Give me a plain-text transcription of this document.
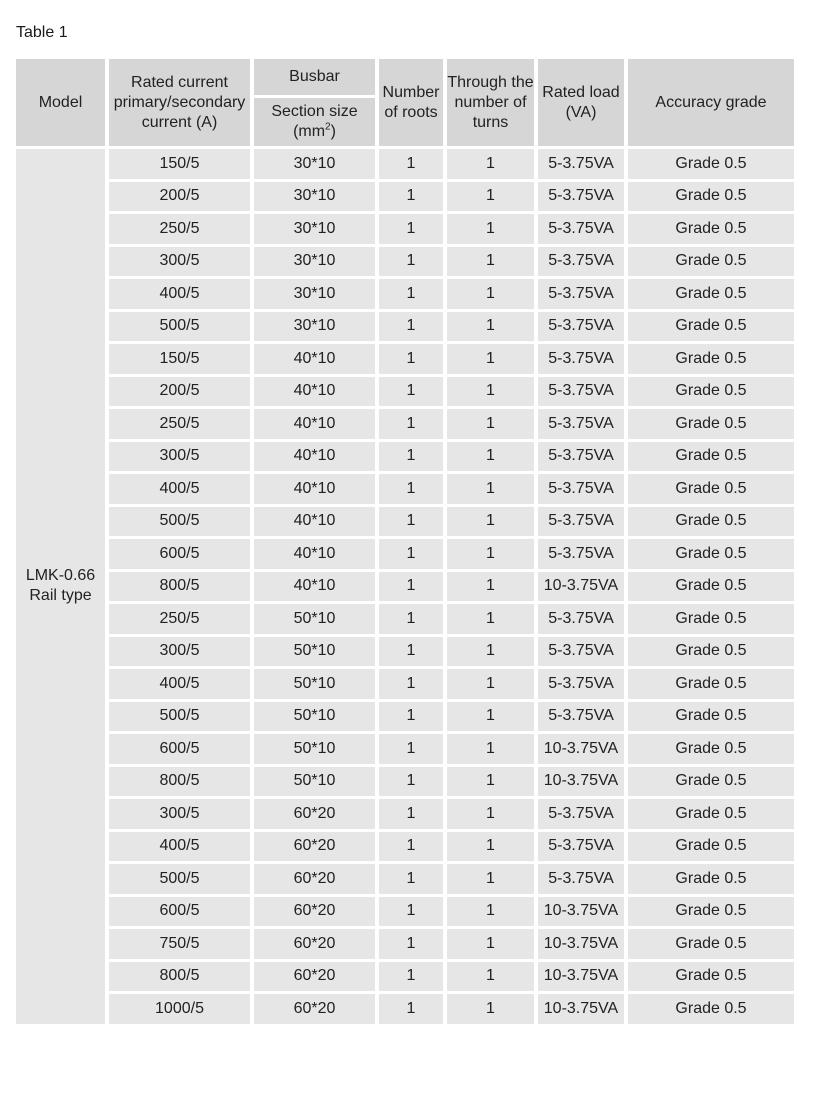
Table 1
Model	Rated current primary/secondary current (A)	Busbar	Number of roots	Through the number of turns	Rated load (VA)	Accuracy grade
		Section size
$(mm^2)$				
LMK-0.66
Rail type	150/5	30*10	1	1	5-3.75VA	Grade 0.5
	200/5	30*10	1	1	5-3.75VA	Grade 0.5
	250/5	30*10	1	1	5-3.75VA	Grade 0.5
	300/5	30*10	1	1	5-3.75VA	Grade 0.5
	400/5	30*10	1	1	5-3.75VA	Grade 0.5
	500/5	30*10	1	1	5-3.75VA	Grade 0.5
	150/5	40*10	1	1	5-3.75VA	Grade 0.5
	200/5	40*10	1	1	5-3.75VA	Grade 0.5
	250/5	40*10	1	1	5-3.75VA	Grade 0.5
	300/5	40*10	1	1	5-3.75VA	Grade 0.5
	400/5	40*10	1	1	5-3.75VA	Grade 0.5
	500/5	40*10	1	1	5-3.75VA	Grade 0.5
	600/5	40*10	1	1	5-3.75VA	Grade 0.5
	800/5	40*10	1	1	10-3.75VA	Grade 0.5
	250/5	50*10	1	1	5-3.75VA	Grade 0.5
	300/5	50*10	1	1	5-3.75VA	Grade 0.5
	400/5	50*10	1	1	5-3.75VA	Grade 0.5
	500/5	50*10	1	1	5-3.75VA	Grade 0.5
	600/5	50*10	1	1	10-3.75VA	Grade 0.5
	800/5	50*10	1	1	10-3.75VA	Grade 0.5
	300/5	60*20	1	1	5-3.75VA	Grade 0.5
	400/5	60*20	1	1	5-3.75VA	Grade 0.5
	500/5	60*20	1	1	5-3.75VA	Grade 0.5
	600/5	60*20	1	1	10-3.75VA	Grade 0.5
	750/5	60*20	1	1	10-3.75VA	Grade 0.5
	800/5	60*20	1	1	10-3.75VA	Grade 0.5
	1000/5	60*20	1	1	10-3.75VA	Grade 0.5
